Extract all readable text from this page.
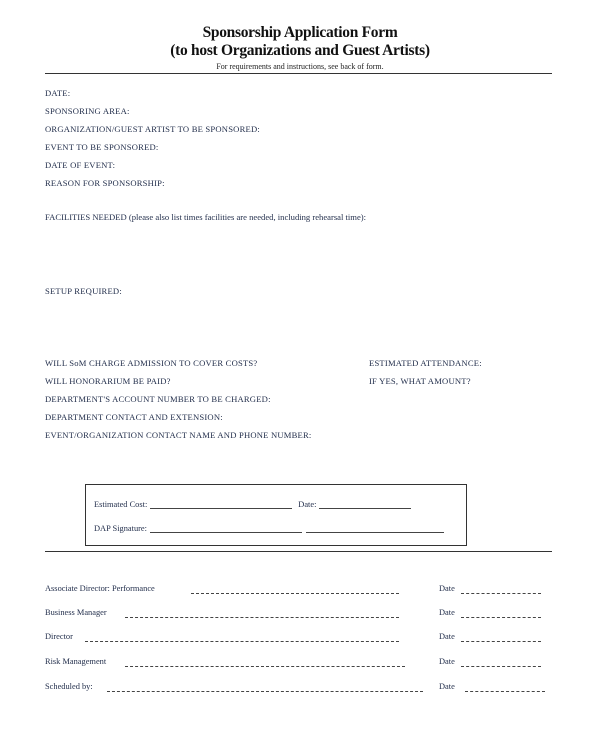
Sponsorship Application Form
(to host Organizations and Guest Artists)
For requirements and instructions, see back of form.
DATE:
SPONSORING AREA:
ORGANIZATION/GUEST ARTIST TO BE SPONSORED:
EVENT TO BE SPONSORED:
DATE OF EVENT:
REASON FOR SPONSORSHIP:
FACILITIES NEEDED (please also list times facilities are needed, including rehearsal time):
SETUP REQUIRED:
WILL SoM CHARGE ADMISSION TO COVER COSTS?	ESTIMATED ATTENDANCE:
WILL HONORARIUM BE PAID?	IF YES, WHAT AMOUNT?
DEPARTMENT'S ACCOUNT NUMBER TO BE CHARGED:
DEPARTMENT CONTACT AND EXTENSION:
EVENT/ORGANIZATION CONTACT NAME AND PHONE NUMBER:
Estimated Cost:	Date:
DAP Signature:
Associate Director: Performance	Date
Business Manager	Date
Director	Date
Risk Management	Date
Scheduled by:	Date
